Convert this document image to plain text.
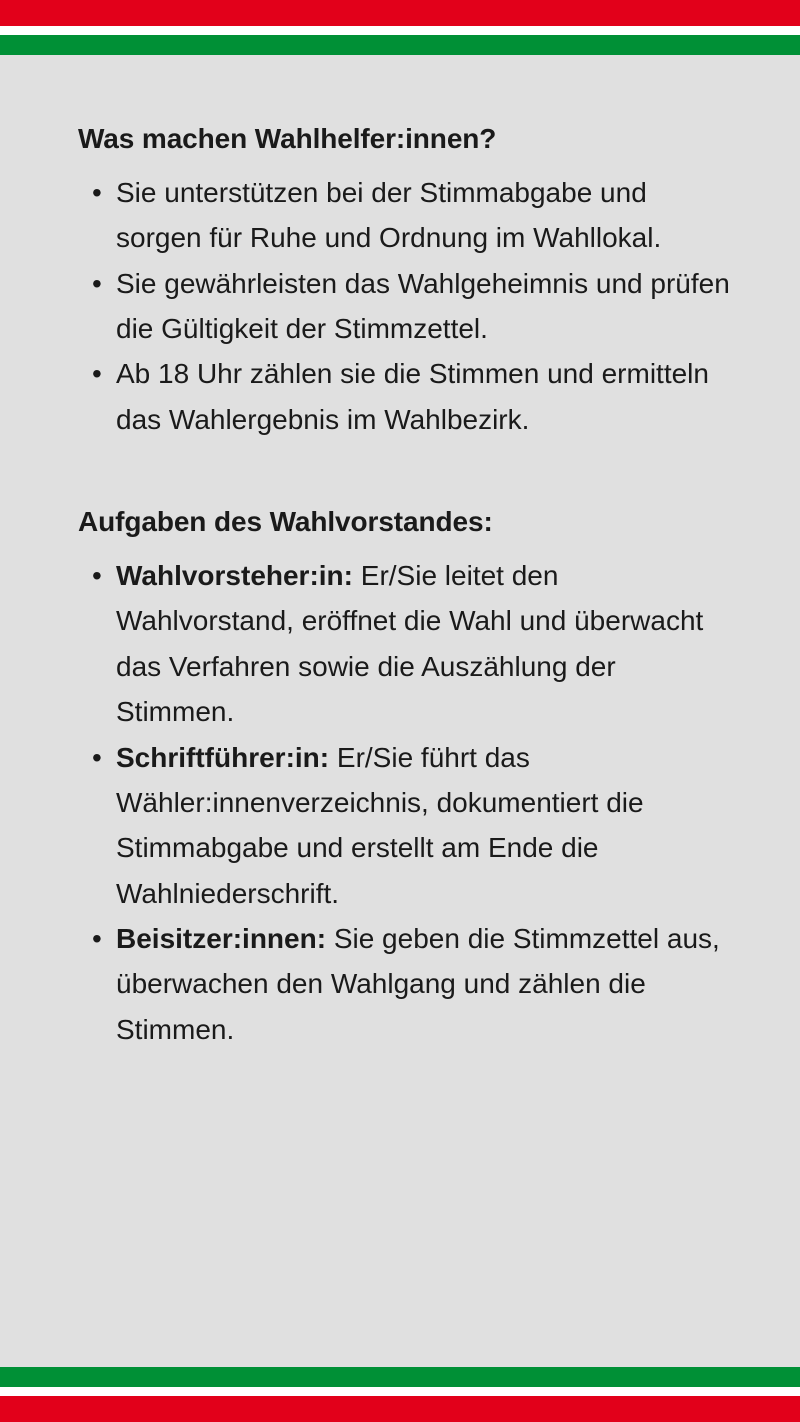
Was machen Wahlhelfer:innen?
• Sie unterstützen bei der Stimmabgabe und sorgen für Ruhe und Ordnung im Wahllokal.
• Sie gewährleisten das Wahlgeheimnis und prüfen die Gültigkeit der Stimmzettel.
• Ab 18 Uhr zählen sie die Stimmen und ermitteln das Wahlergebnis im Wahlbezirk.
Aufgaben des Wahlvorstandes:
• Wahlvorsteher:in: Er/Sie leitet den Wahlvorstand, eröffnet die Wahl und überwacht das Verfahren sowie die Auszählung der Stimmen.
• Schriftführer:in: Er/Sie führt das Wähler:innenverzeichnis, dokumentiert die Stimmabgabe und erstellt am Ende die Wahlniederschrift.
• Beisitzer:innen: Sie geben die Stimmzettel aus, überwachen den Wahlgang und zählen die Stimmen.
